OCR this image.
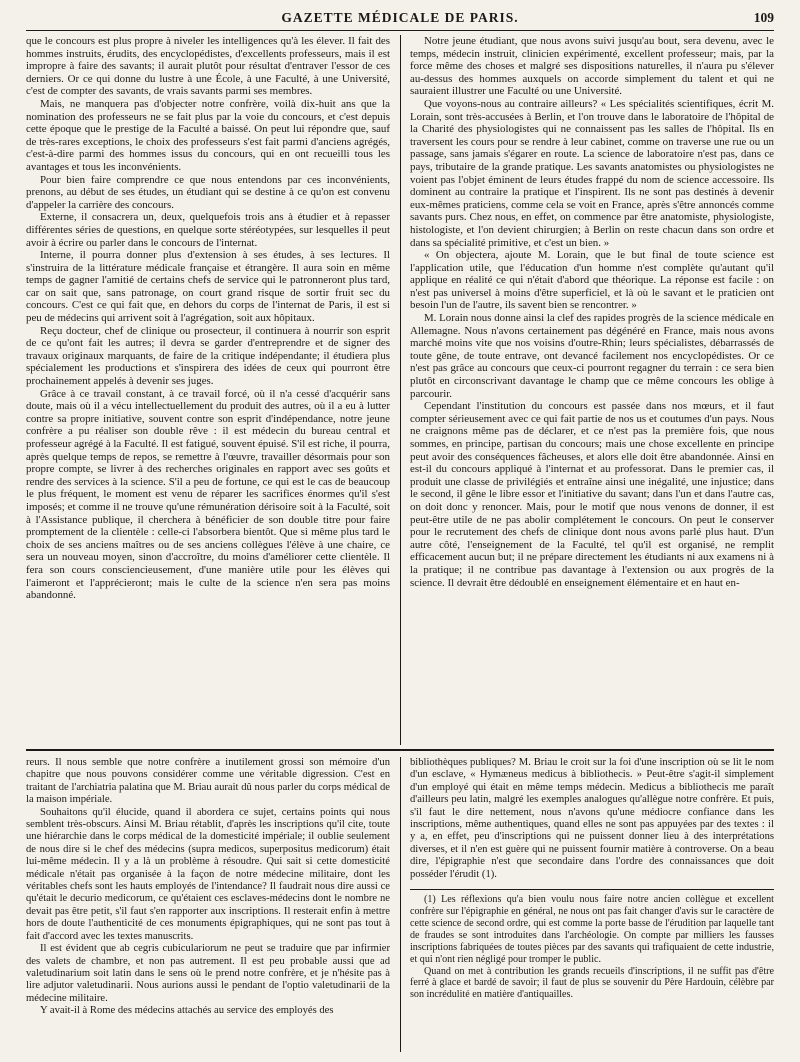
GAZETTE MÉDICALE DE PARIS.	109

que le concours est plus propre à niveler les intelligences qu'à les élever. Il fait des hommes instruits, érudits, des encyclopédistes, d'excellents professeurs, mais il est impropre à faire des savants; il aurait plutôt pour résultat d'entraver l'essor de ces derniers. Or ce qui donne du lustre à une École, à une Faculté, à une Université, c'est de compter des savants, de vrais savants parmi ses membres.

Mais, ne manquera pas d'objecter notre confrère, voilà dix-huit ans que la nomination des professeurs ne se fait plus par la voie du concours, et c'est depuis cette époque que le prestige de la Faculté a baissé. On peut lui répondre que, sauf de très-rares exceptions, le choix des professeurs s'est fait parmi d'anciens agrégés, c'est-à-dire parmi des hommes issus du concours, qui en ont recueilli tous les avantages et tous les inconvénients.

Pour bien faire comprendre ce que nous entendons par ces inconvénients, prenons, au début de ses études, un étudiant qui se destine à ce qu'on est convenu d'appeler la carrière des concours.

Externe, il consacrera un, deux, quelquefois trois ans à étudier et à repasser différentes séries de questions, en quelque sorte stéréotypées, sur lesquelles il peut avoir à écrire ou parler dans le concours de l'internat.

Interne, il pourra donner plus d'extension à ses études, à ses lectures. Il s'instruira de la littérature médicale française et étrangère. Il aura soin en même temps de gagner l'amitié de certains chefs de service qui le patronneront plus tard, car on sait que, sans patronage, on court grand risque de sortir fruit sec du concours. C'est ce qui fait que, en dehors du corps de l'internat de Paris, il est si peu de médecins qui arrivent soit à l'agrégation, soit aux hôpitaux.

Reçu docteur, chef de clinique ou prosecteur, il continuera à nourrir son esprit de ce qu'ont fait les autres; il devra se garder d'entreprendre et de signer des travaux originaux marquants, de faire de la critique indépendante; il étudiera plus spécialement les productions et s'inspirera des idées de ceux qui pourront être prochainement appelés à devenir ses juges.

Grâce à ce travail constant, à ce travail forcé, où il n'a cessé d'acquérir sans doute, mais où il a vécu intellectuellement du produit des autres, où il a eu à lutter contre sa propre initiative, souvent contre son esprit d'indépendance, notre jeune confrère a pu réaliser son double rêve : il est médecin du bureau central et professeur agrégé à la Faculté. Il est fatigué, souvent épuisé. S'il est riche, il pourra, après quelque temps de repos, se remettre à l'œuvre, travailler désormais pour son propre compte, se livrer à des recherches originales en rapport avec ses goûts et rendre des services à la science. S'il a peu de fortune, ce qui est le cas de beaucoup le plus fréquent, le moment est venu de réparer les sacrifices énormes qu'il s'est imposés; et comme il ne trouve qu'une rémunération dérisoire soit à la Faculté, soit à l'Assistance publique, il cherchera à bénéficier de son double titre pour faire promptement de la clientèle : celle-ci l'absorbera bientôt. Que si même plus tard le choix de ses anciens maîtres ou de ses anciens collègues l'élève à une chaire, ce sera un nouveau moyen, sinon d'accroître, du moins d'améliorer cette clientèle. Il fera son cours consciencieusement, d'une manière utile pour les élèves qui l'aimeront et l'apprécieront; mais le culte de la science n'en sera pas moins abandonné.

Notre jeune étudiant, que nous avons suivi jusqu'au bout, sera devenu, avec le temps, médecin instruit, clinicien expérimenté, excellent professeur; mais, par la force même des choses et malgré ses dispositions naturelles, il n'aura pu s'élever au-dessus des hommes auxquels on accorde simplement du talent et qui ne sauraient illustrer une Faculté ou une Université.

Que voyons-nous au contraire ailleurs? « Les spécialités scientifiques, écrit M. Lorain, sont très-accusées à Berlin, et l'on trouve dans le laboratoire de l'hôpital de la Charité des physiologistes qui ne connaissent pas les salles de l'hôpital. Ils en traversent les cours pour se rendre à leur cabinet, comme on traverse une rue ou un passage, sans jamais s'égarer en route. La science de laboratoire n'est pas, dans ce pays, tributaire de la grande pratique. Les savants anatomistes ou physiologistes ne voient pas l'objet éminent de leurs études frappé du nom de science accessoire. Ils dominent au contraire la pratique et l'inspirent. Ils ne sont pas destinés à devenir eux-mêmes praticiens, comme cela se voit en France, après s'être annoncés comme savants purs. Chez nous, en effet, on commence par être anatomiste, physiologiste, histologiste, et l'on devient chirurgien; à Berlin on reste chacun dans son ordre et dans sa spécialité primitive, et c'est un bien. »

« On objectera, ajoute M. Lorain, que le but final de toute science est l'application utile, que l'éducation d'un homme n'est complète qu'autant qu'il applique en réalité ce qui n'était d'abord que théorique. La réponse est facile : on n'est pas universel à moins d'être superficiel, et là où le savant et le praticien ont besoin l'un de l'autre, ils savent bien se rencontrer. »

M. Lorain nous donne ainsi la clef des rapides progrès de la science médicale en Allemagne. Nous n'avons certainement pas dégénéré en France, mais nous avons marché moins vite que nos voisins d'outre-Rhin; leurs spécialistes, débarrassés de toute gêne, de toute entrave, ont devancé facilement nos encyclopédistes. Or ce n'est pas grâce au concours que ceux-ci pourront regagner du terrain : ce sera bien plutôt en circonscrivant davantage le champ que ce même concours les oblige à parcourir.

Cependant l'institution du concours est passée dans nos mœurs, et il faut compter sérieusement avec ce qui fait partie de nos us et coutumes d'un pays. Nous ne craignons même pas de déclarer, et ce n'est pas la première fois, que nous sommes, en principe, partisan du concours; mais une chose excellente en principe peut avoir des conséquences fâcheuses, et alors elle doit être abandonnée. Ainsi en est-il du concours appliqué à l'internat et au professorat. Dans le premier cas, il produit une classe de privilégiés et entraîne ainsi une inégalité, une injustice; dans le second, il gêne le libre essor et l'initiative du savant; dans l'un et dans l'autre cas, on doit donc y renoncer. Mais, pour le motif que nous venons de donner, il est peut-être utile de ne pas abolir complétement le concours. On peut le conserver pour le recrutement des chefs de clinique dont nous avons parlé plus haut. D'un autre côté, l'enseignement de la Faculté, tel qu'il est organisé, ne remplit efficacement aucun but; il ne prépare directement les étudiants ni aux examens ni à la pratique; il ne contribue pas davantage à l'extension ou aux progrès de la science. Il devrait être dédoublé en enseignement élémentaire et en haut en-

reurs. Il nous semble que notre confrère a inutilement grossi son mémoire d'un chapitre que nous pouvons considérer comme une véritable digression. C'est en traitant de l'archiatria palatina que M. Briau aurait dû nous parler du corps médical de la maison impériale.

Souhaitons qu'il élucide, quand il abordera ce sujet, certains points qui nous semblent très-obscurs. Ainsi M. Briau rétablit, d'après les inscriptions qu'il cite, toute une hiérarchie dans le corps médical de la domesticité impériale; il oublie seulement de nous dire si le chef des médecins (supra medicos, superpositus medicorum) était lui-même médecin. Il y a là un problème à résoudre. Qui sait si cette domesticité médicale n'était pas organisée à la façon de notre médecine militaire, dont les véritables chefs sont les hauts employés de l'intendance? Il faudrait nous dire aussi ce qu'était le decurio medicorum, ce qu'étaient ces esclaves-médecins dont le nombre ne devait pas être petit, s'il faut s'en rapporter aux inscriptions. Il resterait enfin à mettre hors de doute l'authenticité de ces monuments épigraphiques, qui ne sont pas tout à fait d'accord avec les textes manuscrits.

Il est évident que ab cegris cubiculariorum ne peut se traduire que par infirmier des valets de chambre, et non pas autrement. Il est peu probable aussi que ad valetudinarium soit latin dans le sens où le prend notre confrère, et je n'hésite pas à lire adjutor valetudinarii. Nous aurions aussi le pendant de l'optio valetudinarii de la médecine militaire.

Y avait-il à Rome des médecins attachés au service des employés des

bibliothèques publiques? M. Briau le croit sur la foi d'une inscription où se lit le nom d'un esclave, « Hymæneus medicus à bibliothecis. » Peut-être s'agit-il simplement d'un employé qui était en même temps médecin. Medicus a bibliothecis me paraît d'ailleurs peu latin, malgré les exemples analogues qu'allègue notre confrère. Et puis, s'il faut le dire nettement, nous n'avons qu'une médiocre confiance dans les inscriptions, même authentiques, quand elles ne sont pas appuyées par des textes : il y a, en effet, peu d'inscriptions qui ne puissent donner lieu à des interprétations diverses, et il n'en est guère qui ne puissent fournir matière à controverse. On a beau dire, l'épigraphie n'est que secondaire dans l'ordre des connaissances que doit posséder l'érudit (1).

(1) Les réflexions qu'a bien voulu nous faire notre ancien collègue et excellent confrère sur l'épigraphie en général, ne nous ont pas fait changer d'avis sur le caractère de cette science de second ordre, qui est comme la porte basse de l'érudition par laquelle tant de fraudes se sont introduites dans l'archéologie. On compte par milliers les fausses inscriptions fabriquées de toutes pièces par des savants qui trafiquaient de cette industrie, et qui n'ont rien négligé pour tromper le public.

Quand on met à contribution les grands recueils d'inscriptions, il ne suffit pas d'être ferré à glace et bardé de savoir; il faut de plus se souvenir du Père Hardouin, célèbre par son incrédulité en matière d'antiquailles.
